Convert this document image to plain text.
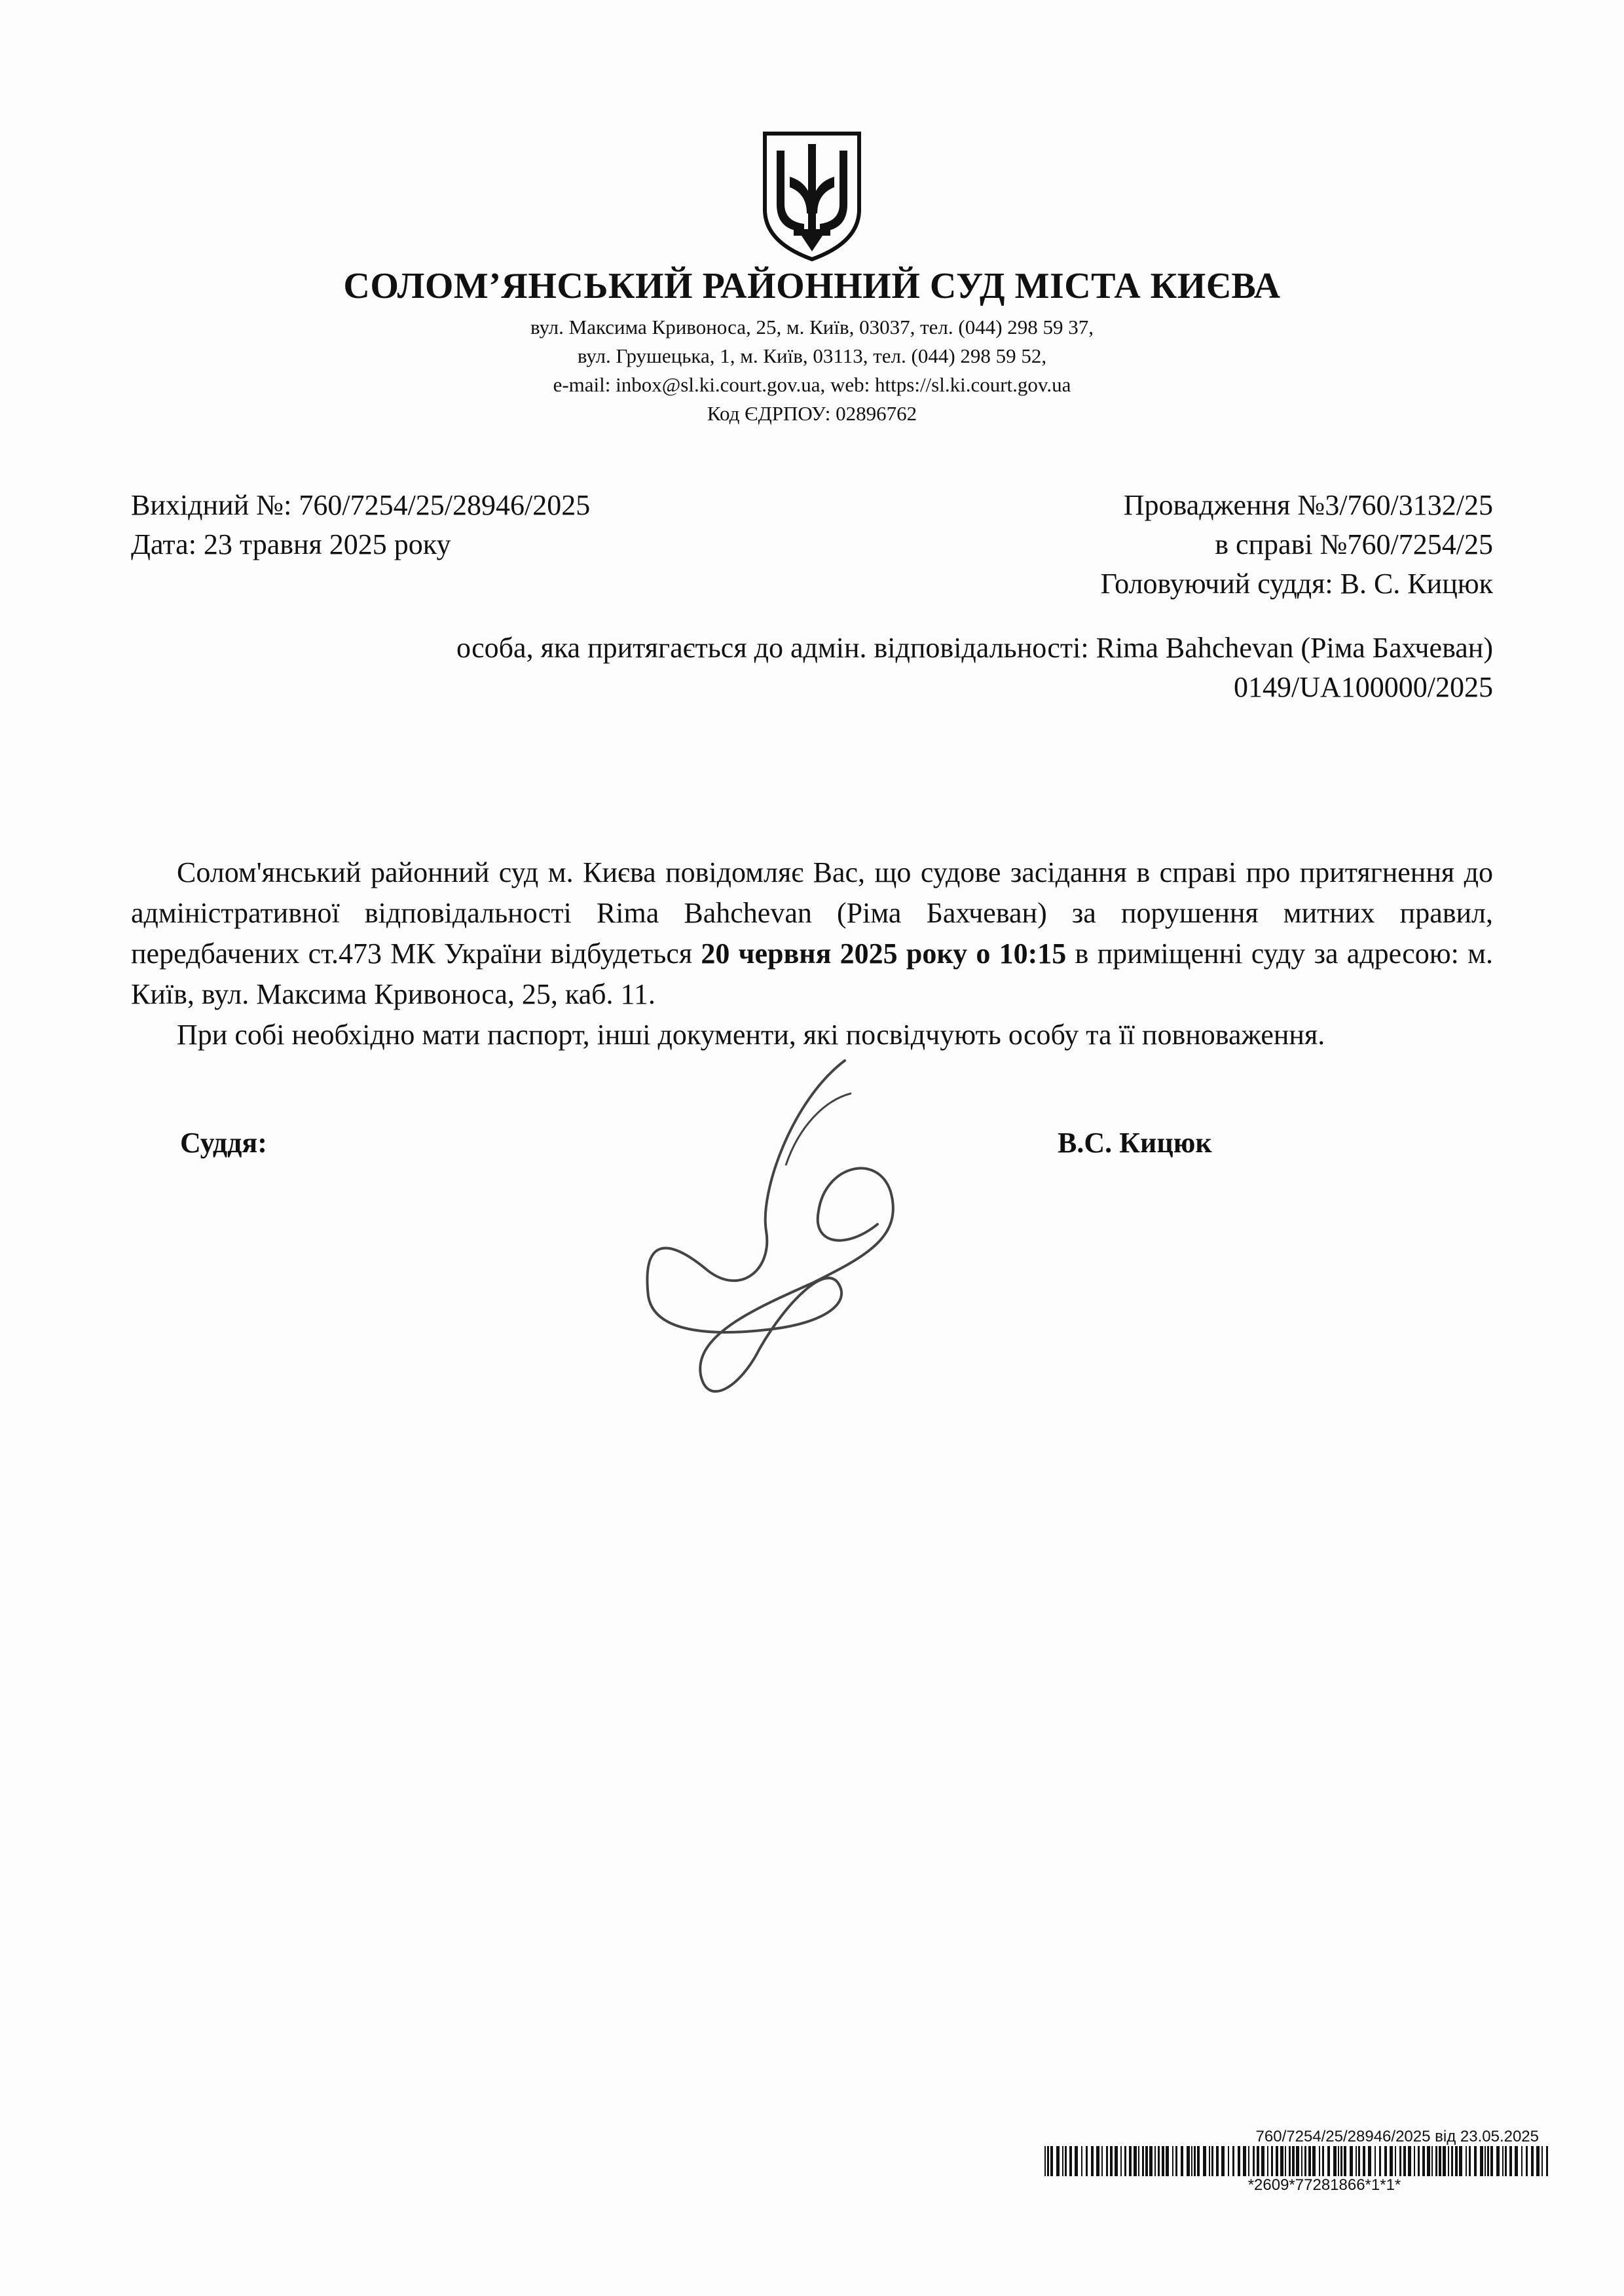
СОЛОМ’ЯНСЬКИЙ РАЙОННИЙ СУД МІСТА КИЄВА
вул. Максима Кривоноса, 25, м. Київ, 03037, тел. (044) 298 59 37,
вул. Грушецька, 1, м. Київ, 03113, тел. (044) 298 59 52,
e-mail: inbox@sl.ki.court.gov.ua, web: https://sl.ki.court.gov.ua
Код ЄДРПОУ: 02896762
Вихідний №: 760/7254/25/28946/2025
Дата: 23 травня 2025 року
Провадження №3/760/3132/25
в справі №760/7254/25
Головуючий суддя: В. С. Кицюк
особа, яка притягається до адмін. відповідальності: Rima Bahchevan (Ріма Бахчеван)
0149/UA100000/2025

Солом'янський районний суд м. Києва повідомляє Вас, що судове засідання в справі про притягнення до адміністративної відповідальності Rima Bahchevan (Ріма Бахчеван) за порушення митних правил, передбачених ст.473 МК України відбудеться 20 червня 2025 року о 10:15 в приміщенні суду за адресою: м. Київ, вул. Максима Кривоноса, 25, каб. 11.

При собі необхідно мати паспорт, інші документи, які посвідчують особу та її повноваження.

Суддя:	В.С. Кицюк
760/7254/25/28946/2025 від 23.05.2025
*2609*77281866*1*1*
